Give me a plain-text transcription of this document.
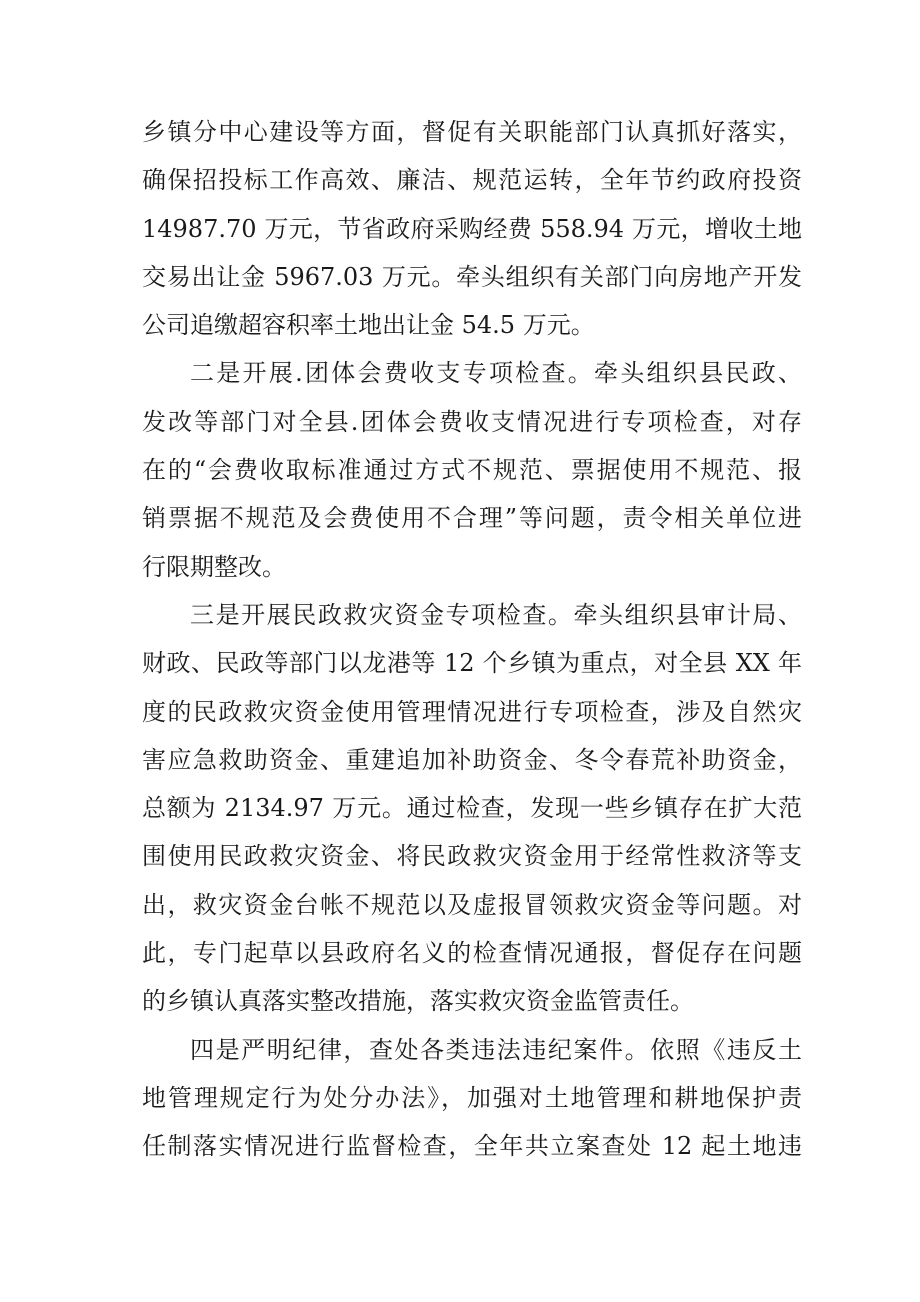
乡镇分中心建设等方面，督促有关职能部门认真抓好落实，
确保招投标工作高效、廉洁、规范运转，全年节约政府投资
14987.70 万元，节省政府采购经费 558.94 万元，增收土地
交易出让金 5967.03 万元。牵头组织有关部门向房地产开发
公司追缴超容积率土地出让金 54.5 万元。
二是开展.团体会费收支专项检查。牵头组织县民政、
发改等部门对全县.团体会费收支情况进行专项检查，对存
在的“会费收取标准通过方式不规范、票据使用不规范、报
销票据不规范及会费使用不合理”等问题，责令相关单位进
行限期整改。
三是开展民政救灾资金专项检查。牵头组织县审计局、
财政、民政等部门以龙港等 12 个乡镇为重点，对全县 XX 年
度的民政救灾资金使用管理情况进行专项检查，涉及自然灾
害应急救助资金、重建追加补助资金、冬令春荒补助资金，
总额为 2134.97 万元。通过检查，发现一些乡镇存在扩大范
围使用民政救灾资金、将民政救灾资金用于经常性救济等支
出，救灾资金台帐不规范以及虚报冒领救灾资金等问题。对
此，专门起草以县政府名义的检查情况通报，督促存在问题
的乡镇认真落实整改措施，落实救灾资金监管责任。
四是严明纪律，查处各类违法违纪案件。依照《违反土
地管理规定行为处分办法》，加强对土地管理和耕地保护责
任制落实情况进行监督检查，全年共立案查处 12 起土地违
